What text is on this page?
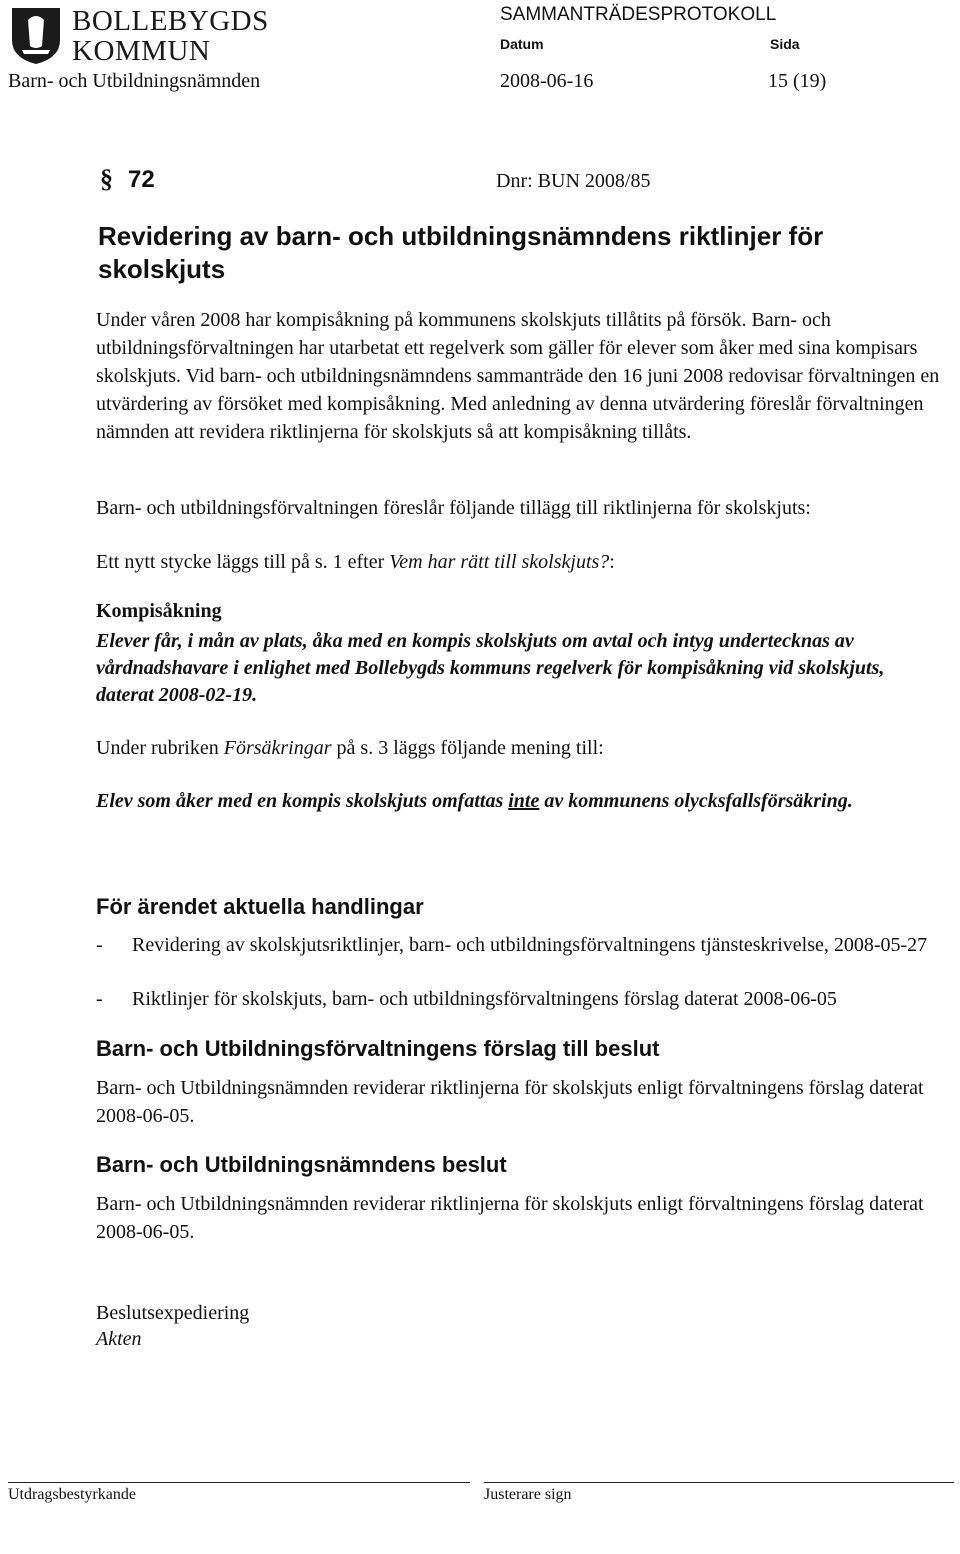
BOLLEBYGDS
KOMMUN
SAMMANTRÄDESPROTOKOLL
Datum	Sida
Barn- och Utbildningsnämnden	2008-06-16	15 (19)
§ 72	Dnr: BUN 2008/85
Revidering av barn- och utbildningsnämndens riktlinjer för skolskjuts
Under våren 2008 har kompisåkning på kommunens skolskjuts tillåtits på försök. Barn- och utbildningsförvaltningen har utarbetat ett regelverk som gäller för elever som åker med sina kompisars skolskjuts. Vid barn- och utbildningsnämndens sammanträde den 16 juni 2008 redovisar förvaltningen en utvärdering av försöket med kompisåkning. Med anledning av denna utvärdering föreslår förvaltningen nämnden att revidera riktlinjerna för skolskjuts så att kompisåkning tillåts.
Barn- och utbildningsförvaltningen föreslår följande tillägg till riktlinjerna för skolskjuts:
Ett nytt stycke läggs till på s. 1 efter Vem har rätt till skolskjuts?:
Kompisåkning
Elever får, i mån av plats, åka med en kompis skolskjuts om avtal och intyg undertecknas av vårdnadshavare i enlighet med Bollebygds kommuns regelverk för kompisåkning vid skolskjuts, daterat 2008-02-19.
Under rubriken Försäkringar på s. 3 läggs följande mening till:
Elev som åker med en kompis skolskjuts omfattas inte av kommunens olycksfallsförsäkring.
För ärendet aktuella handlingar
-	Revidering av skolskjutsriktlinjer, barn- och utbildningsförvaltningens tjänsteskrivelse, 2008-05-27
-	Riktlinjer för skolskjuts, barn- och utbildningsförvaltningens förslag daterat 2008-06-05
Barn- och Utbildningsförvaltningens förslag till beslut
Barn- och Utbildningsnämnden reviderar riktlinjerna för skolskjuts enligt förvaltningens förslag daterat 2008-06-05.
Barn- och Utbildningsnämndens beslut
Barn- och Utbildningsnämnden reviderar riktlinjerna för skolskjuts enligt förvaltningens förslag daterat 2008-06-05.
Beslutsexpediering
Akten
Utdragsbestyrkande	Justerare sign
